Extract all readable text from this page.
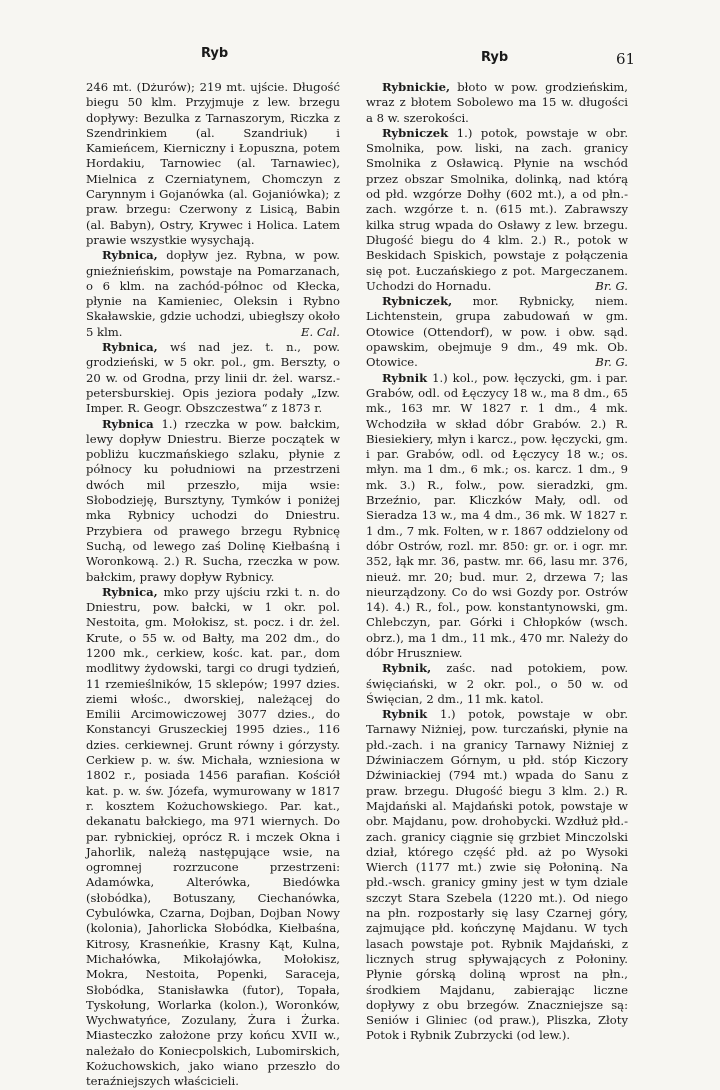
Ryb	Ryb	61

246 mt. (Dżurów); 219 mt. ujście. Długość biegu 50 klm. Przyjmuje z lew. brzegu dopływy: Bezulka z Tarnaszorym, Riczka z Szendrinkiem (al. Szandriuk) i Kamieńcem, Kierniczny i Łopuszna, potem Hordakiu, Tarnowiec (al. Tarnawiec), Mielnica z Czerniatynem, Chomczyn z Carynnym i Gojanówka (al. Gojaniówka); z praw. brzegu: Czerwony z Lisicą, Babin (al. Babyn), Ostry, Krywec i Holica. Latem prawie wszystkie wysychają.

Rybnica, dopływ jez. Rybna, w pow. gnieźnieńskim, powstaje na Pomarzanach, o 6 klm. na zachód-północ od Kłecka, płynie na Kamieniec, Oleksin i Rybno Skaławskie, gdzie uchodzi, ubiegłszy około 5 klm.	E. Cal.

Rybnica, wś nad jez. t. n., pow. grodzieński, w 5 okr. pol., gm. Berszty, o 20 w. od Grodna, przy linii dr. żel. warsz.-petersburskiej. Opis jeziora podały „Izw. Imper. R. Geogr. Obszczestwa“ z 1873 r.

Rybnica 1.) rzeczka w pow. bałckim, lewy dopływ Dniestru. Bierze początek w pobliżu kuczmańskiego szlaku, płynie z północy ku południowi na przestrzeni dwóch mil przeszło, mija wsie: Słobodzieję, Bursztyny, Tymków i poniżej mka Rybnicy uchodzi do Dniestru. Przybiera od prawego brzegu Rybnicę Suchą, od lewego zaś Dolinę Kiełbaśną i Woronkową. 2.) R. Sucha, rzeczka w pow. bałckim, prawy dopływ Rybnicy.

Rybnica, mko przy ujściu rzki t. n. do Dniestru, pow. bałcki, w 1 okr. pol. Nestoita, gm. Mołokisz, st. pocz. i dr. żel. Krute, o 55 w. od Bałty, ma 202 dm., do 1200 mk., cerkiew, kośc. kat. par., dom modlitwy żydowski, targi co drugi tydzień, 11 rzemieślników, 15 sklepów; 1997 dzies. ziemi włośc., dworskiej, należącej do Emilii Arcimowiczowej 3077 dzies., do Konstancyi Gruszeckiej 1995 dzies., 116 dzies. cerkiewnej. Grunt równy i górzysty. Cerkiew p. w. św. Michała, wzniesiona w 1802 r., posiada 1456 parafian. Kościół kat. p. w. św. Józefa, wymurowany w 1817 r. kosztem Kożuchowskiego. Par. kat., dekanatu bałckiego, ma 971 wiernych. Do par. rybnickiej, oprócz R. i mczek Okna i Jahorlik, należą następujące wsie, na ogromnej rozrzucone przestrzeni: Adamówka, Alterówka, Biedówka (słobódka), Botuszany, Ciechanówka, Cybulówka, Czarna, Dojban, Dojban Nowy (kolonia), Jahorlicka Słobódka, Kiełbaśna, Kitrosy, Krasneńkie, Krasny Kąt, Kulna, Michałówka, Mikołajówka, Mołokisz, Mokra, Nestoita, Popenki, Saraceja, Słobódka, Stanisławka (futor), Topała, Tyskołung, Worlarka (kolon.), Woronków, Wychwatyńce, Zozulany, Żura i Żurka. Miasteczko założone przy końcu XVII w., należało do Koniecpolskich, Lubomirskich, Kożuchowskich, jako wiano przeszło do teraźniejszych właścicieli.

Rybnickie, błoto w pow. grodzieńskim, wraz z błotem Sobolewo ma 15 w. długości a 8 w. szerokości.

Rybniczek 1.) potok, powstaje w obr. Smolnika, pow. liski, na zach. granicy Smolnika z Osławicą. Płynie na wschód przez obszar Smolnika, dolinką, nad którą od płd. wzgórze Dołhy (602 mt.), a od płn.-zach. wzgórze t. n. (615 mt.). Zabrawszy kilka strug wpada do Osławy z lew. brzegu. Długość biegu do 4 klm. 2.) R., potok w Beskidach Spiskich, powstaje z połączenia się pot. Łuczańskiego z pot. Margeczanem. Uchodzi do Hornadu.	Br. G.

Rybniczek, mor. Rybnicky, niem. Lichtenstein, grupa zabudowań w gm. Otowice (Ottendorf), w pow. i obw. sąd. opawskim, obejmuje 9 dm., 49 mk. Ob. Otowice.	Br. G.

Rybnik 1.) kol., pow. łęczycki, gm. i par. Grabów, odl. od Łęczycy 18 w., ma 8 dm., 65 mk., 163 mr. W 1827 r. 1 dm., 4 mk. Wchodziła w skład dóbr Grabów. 2.) R. Biesiekiery, młyn i karcz., pow. łęczycki, gm. i par. Grabów, odl. od Łęczycy 18 w.; os. młyn. ma 1 dm., 6 mk.; os. karcz. 1 dm., 9 mk. 3.) R., folw., pow. sieradzki, gm. Brzeźnio, par. Kliczków Mały, odl. od Sieradza 13 w., ma 4 dm., 36 mk. W 1827 r. 1 dm., 7 mk. Folten, w r. 1867 oddzielony od dóbr Ostrów, rozl. mr. 850: gr. or. i ogr. mr. 352, łąk mr. 36, pastw. mr. 66, lasu mr. 376, nieuż. mr. 20; bud. mur. 2, drzewa 7; las nieurządzony. Co do wsi Gozdy por. Ostrów 14). 4.) R., fol., pow. konstantynowski, gm. Chlebczyn, par. Górki i Chłopków (wsch. obrz.), ma 1 dm., 11 mk., 470 mr. Należy do dóbr Hruszniew.

Rybnik, zaśc. nad potokiem, pow. święciański, w 2 okr. pol., o 50 w. od Święcian, 2 dm., 11 mk. katol.

Rybnik 1.) potok, powstaje w obr. Tarnawy Niżniej, pow. turczański, płynie na płd.-zach. i na granicy Tarnawy Niżniej z Dźwiniaczem Górnym, u płd. stóp Kiczory Dźwiniackiej (794 mt.) wpada do Sanu z praw. brzegu. Długość biegu 3 klm. 2.) R. Majdański al. Majdański potok, powstaje w obr. Majdanu, pow. drohobycki. Wzdłuż płd.-zach. granicy ciągnie się grzbiet Minczolski dział, którego część płd. aż po Wysoki Wierch (1177 mt.) zwie się Połoniną. Na płd.-wsch. granicy gminy jest w tym dziale szczyt Stara Szebela (1220 mt.). Od niego na płn. rozpostarły się lasy Czarnej góry, zajmujące płd. kończynę Majdanu. W tych lasach powstaje pot. Rybnik Majdański, z licznych strug spływających z Połoniny. Płynie górską doliną wprost na płn., środkiem Majdanu, zabierając liczne dopływy z obu brzegów. Znaczniejsze są: Seniów i Gliniec (od praw.), Pliszka, Złoty Potok i Rybnik Zubrzycki (od lew.).
